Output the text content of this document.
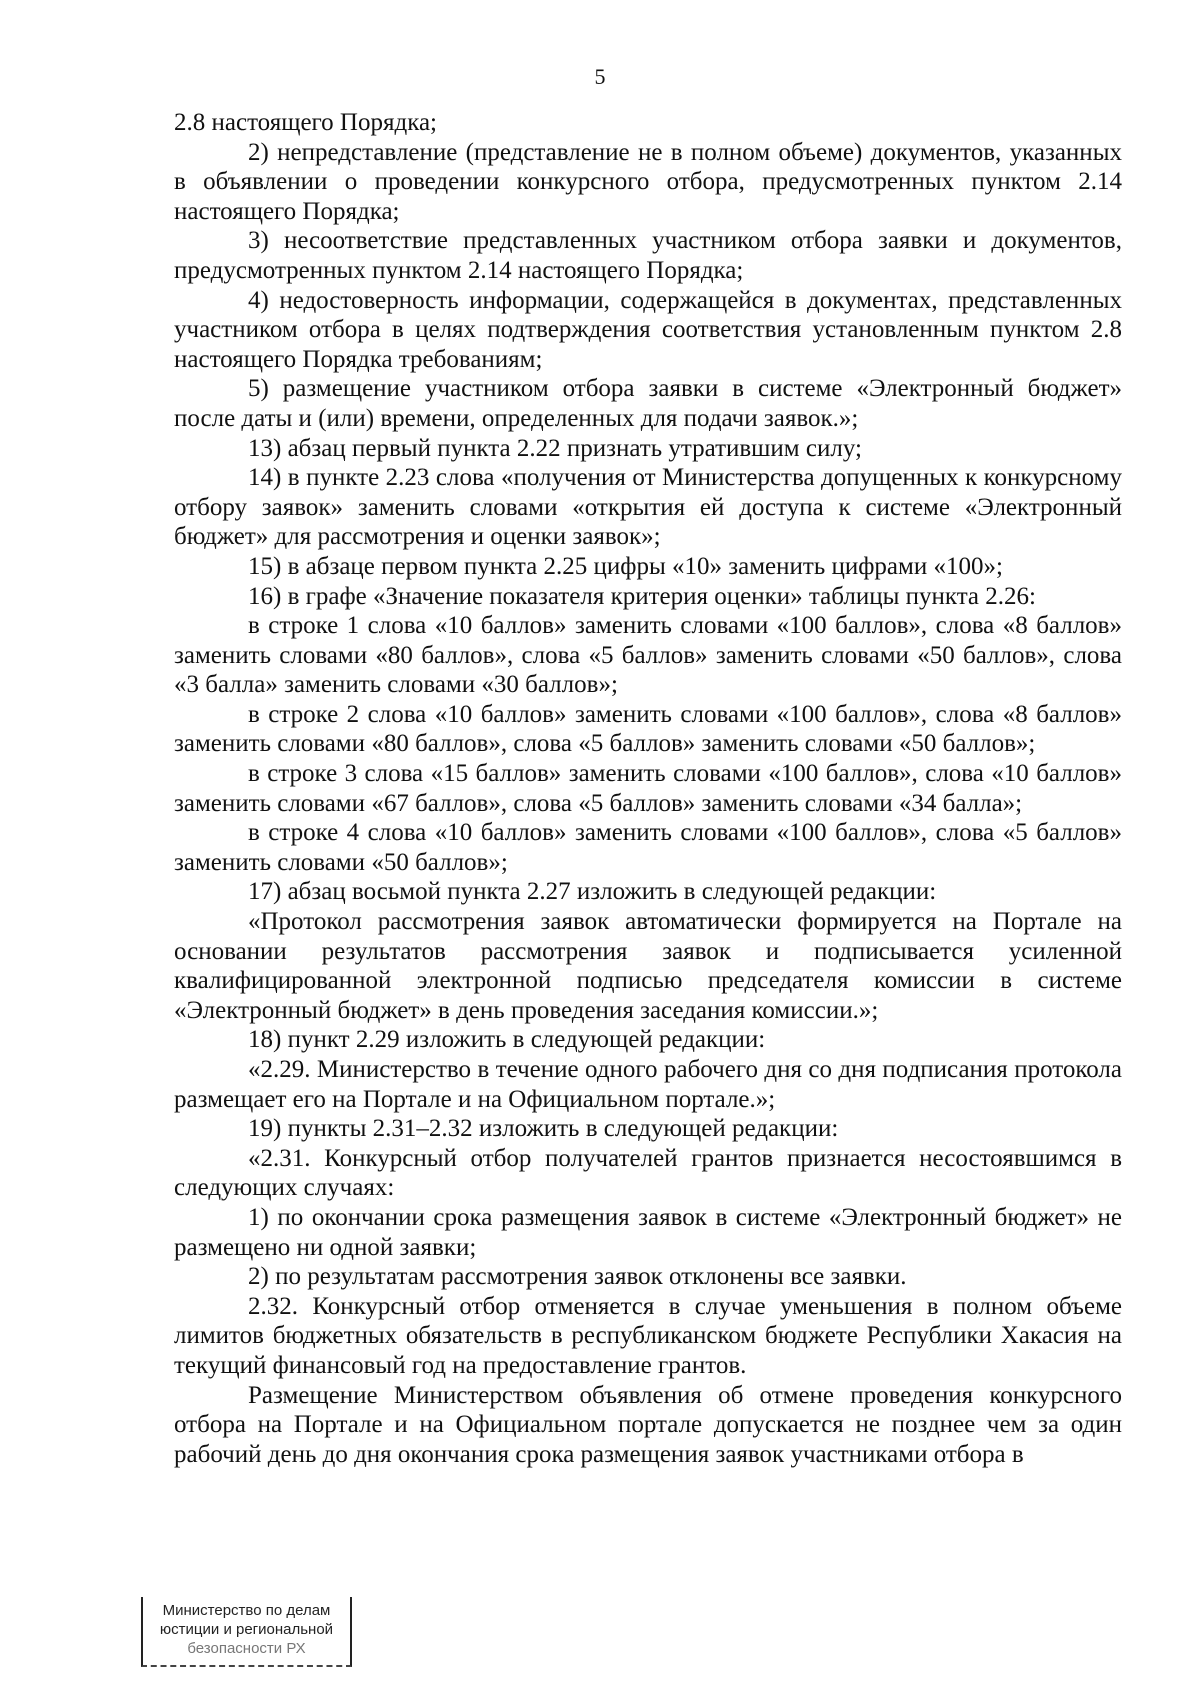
5

2.8 настоящего Порядка;

2) непредставление (представление не в полном объеме) документов, указанных в объявлении о проведении конкурсного отбора, предусмотренных пунктом 2.14 настоящего Порядка;

3) несоответствие представленных участником отбора заявки и документов, предусмотренных пунктом 2.14 настоящего Порядка;

4) недостоверность информации, содержащейся в документах, представленных участником отбора в целях подтверждения соответствия установленным пунктом 2.8 настоящего Порядка требованиям;

5) размещение участником отбора заявки в системе «Электронный бюджет» после даты и (или) времени, определенных для подачи заявок.»;

13) абзац первый пункта 2.22 признать утратившим силу;

14) в пункте 2.23 слова «получения от Министерства допущенных к конкурсному отбору заявок» заменить словами «открытия ей доступа к системе «Электронный бюджет» для рассмотрения и оценки заявок»;

15) в абзаце первом пункта 2.25 цифры «10» заменить цифрами «100»;

16) в графе «Значение показателя критерия оценки» таблицы пункта 2.26:

в строке 1 слова «10 баллов» заменить словами «100 баллов», слова «8 баллов» заменить словами «80 баллов», слова «5 баллов» заменить словами «50 баллов», слова «3 балла» заменить словами «30 баллов»;

в строке 2 слова «10 баллов» заменить словами «100 баллов», слова «8 баллов» заменить словами «80 баллов», слова «5 баллов» заменить словами «50 баллов»;

в строке 3 слова «15 баллов» заменить словами «100 баллов», слова «10 баллов» заменить словами «67 баллов», слова «5 баллов» заменить словами «34 балла»;

в строке 4 слова «10 баллов» заменить словами «100 баллов», слова «5 баллов» заменить словами «50 баллов»;

17) абзац восьмой пункта 2.27 изложить в следующей редакции:

«Протокол рассмотрения заявок автоматически формируется на Портале на основании результатов рассмотрения заявок и подписывается усиленной квалифицированной электронной подписью председателя комиссии в системе «Электронный бюджет» в день проведения заседания комиссии.»;

18) пункт 2.29 изложить в следующей редакции:

«2.29. Министерство в течение одного рабочего дня со дня подписания протокола размещает его на Портале и на Официальном портале.»;

19) пункты 2.31–2.32 изложить в следующей редакции:

«2.31. Конкурсный отбор получателей грантов признается несостоявшимся в следующих случаях:

1) по окончании срока размещения заявок в системе «Электронный бюджет» не размещено ни одной заявки;

2) по результатам рассмотрения заявок отклонены все заявки.

2.32. Конкурсный отбор отменяется в случае уменьшения в полном объеме лимитов бюджетных обязательств в республиканском бюджете Республики Хакасия на текущий финансовый год на предоставление грантов.

Размещение Министерством объявления об отмене проведения конкурсного отбора на Портале и на Официальном портале допускается не позднее чем за один рабочий день до дня окончания срока размещения заявок участниками отбора в

Министерство по делам
юстиции и региональной
безопасности РХ
